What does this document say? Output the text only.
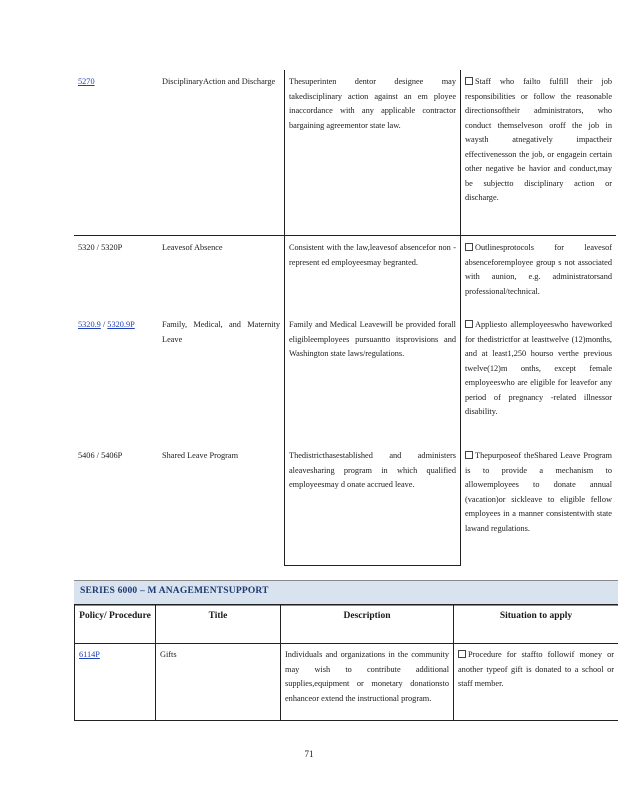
5270	DisciplinaryAction and Discharge	Thesuperinten dentor designee may takedisciplinary action against an em ployee inaccordance with any applicable contractor bargaining agreementor state law.	Staff who failto fulfill their job responsibilities or follow the reasonable directionsoftheir administrators, who conduct themselveson oroff the job in waysth atnegatively impactheir effectivenesson the job, or engagein certain other negative be havior and conduct,may be subjectto disciplinary action or discharge.
5320 / 5320P	Leavesof Absence	Consistent with the law,leavesof absencefor non -represent ed employeesmay begranted.	Outlinesprotocols for leavesof absenceforemployee group s not associated with aunion, e.g. administratorsand professional/technical.
5320.9 / 5320.9P	Family, Medical, and Maternity Leave	Family and Medical Leavewill be provided forall eligibleemployees pursuantto itsprovisions and Washington state laws/regulations.	Appliesto allemployeeswho haveworked for thedistrictfor at leasttwelve (12)months, and at least1,250 hourso verthe previous twelve(12)m onths, except female employeeswho are eligible for leavefor any period of pregnancy -related illnessor disability.
5406 / 5406P	Shared Leave Program	Thedistricthasestablished and administers aleavesharing program in which qualified employeesmay d onate accrued leave.	Thepurposeof theShared Leave Program is to provide a mechanism to allowemployees to donate annual (vacation)or sickleave to eligible fellow employees in a manner consistentwith state lawand regulations.
SERIES 6000 – M ANAGEMENTSUPPORT
Policy/ Procedure	Title	Description	Situation to apply
6114P	Gifts	Individuals and organizations in the community may wish to contribute additional supplies,equipment or monetary donationsto enhanceor extend the instructional program.	Procedure for staffto followif money or another typeof gift is donated to a school or staff member.
71
